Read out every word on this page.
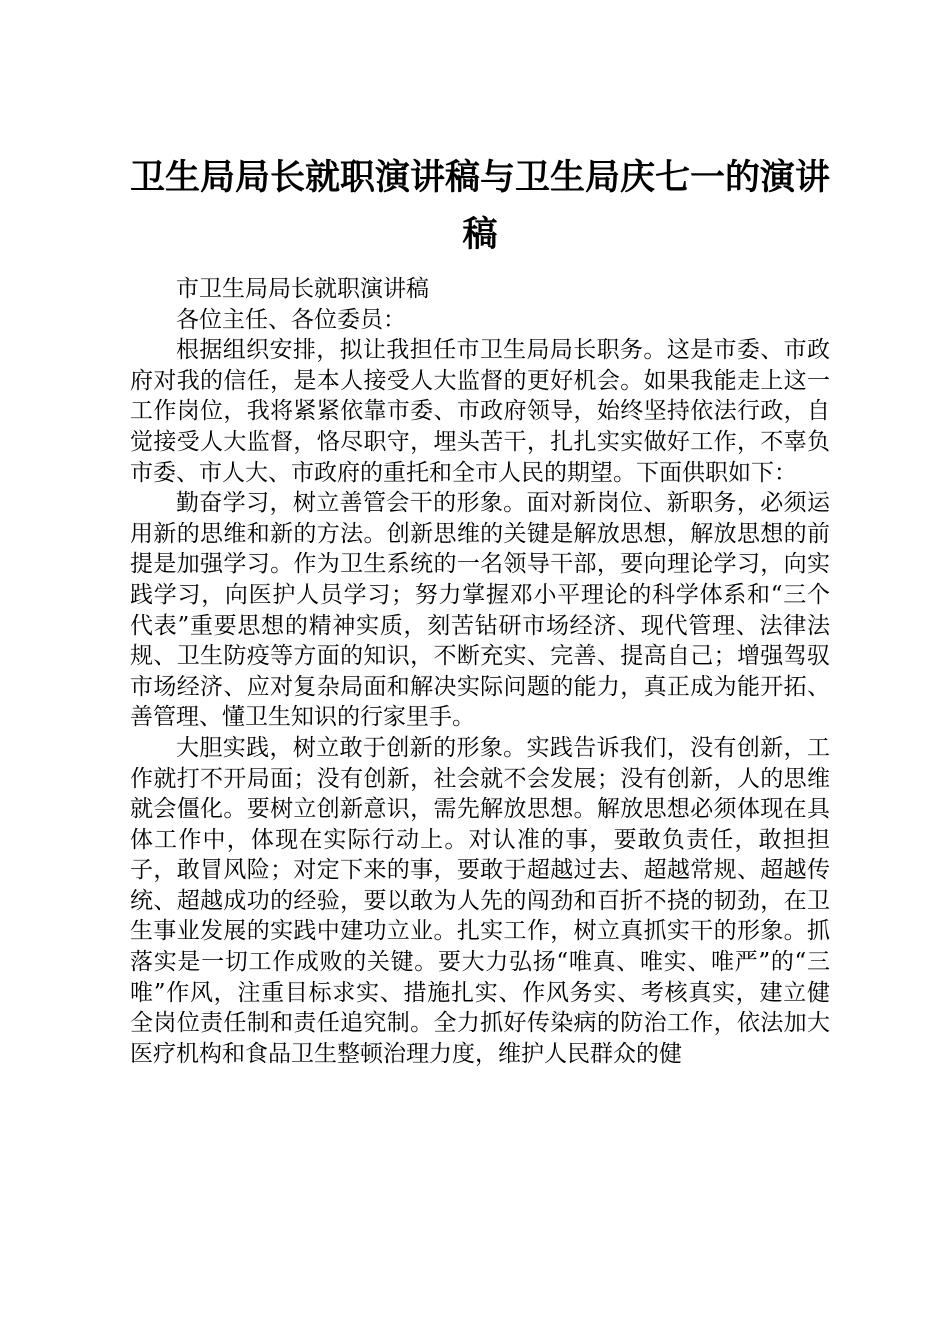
卫生局局长就职演讲稿与卫生局庆七一的演讲
稿

市卫生局局长就职演讲稿

各位主任、各位委员：

根据组织安排，拟让我担任市卫生局局长职务。这是市委、市政府对我的信任，是本人接受人大监督的更好机会。如果我能走上这一工作岗位，我将紧紧依靠市委、市政府领导，始终坚持依法行政，自觉接受人大监督，恪尽职守，埋头苦干，扎扎实实做好工作，不辜负市委、市人大、市政府的重托和全市人民的期望。下面供职如下：

勤奋学习，树立善管会干的形象。面对新岗位、新职务，必须运用新的思维和新的方法。创新思维的关键是解放思想，解放思想的前提是加强学习。作为卫生系统的一名领导干部，要向理论学习，向实践学习，向医护人员学习；努力掌握邓小平理论的科学体系和“三个代表”重要思想的精神实质，刻苦钻研市场经济、现代管理、法律法规、卫生防疫等方面的知识，不断充实、完善、提高自己；增强驾驭市场经济、应对复杂局面和解决实际问题的能力，真正成为能开拓、善管理、懂卫生知识的行家里手。

大胆实践，树立敢于创新的形象。实践告诉我们，没有创新，工作就打不开局面；没有创新，社会就不会发展；没有创新，人的思维就会僵化。要树立创新意识，需先解放思想。解放思想必须体现在具体工作中，体现在实际行动上。对认准的事，要敢负责任，敢担担子，敢冒风险；对定下来的事，要敢于超越过去、超越常规、超越传统、超越成功的经验，要以敢为人先的闯劲和百折不挠的韧劲，在卫生事业发展的实践中建功立业。扎实工作，树立真抓实干的形象。抓落实是一切工作成败的关键。要大力弘扬“唯真、唯实、唯严”的“三唯”作风，注重目标求实、措施扎实、作风务实、考核真实，建立健全岗位责任制和责任追究制。全力抓好传染病的防治工作，依法加大医疗机构和食品卫生整顿治理力度，维护人民群众的健
